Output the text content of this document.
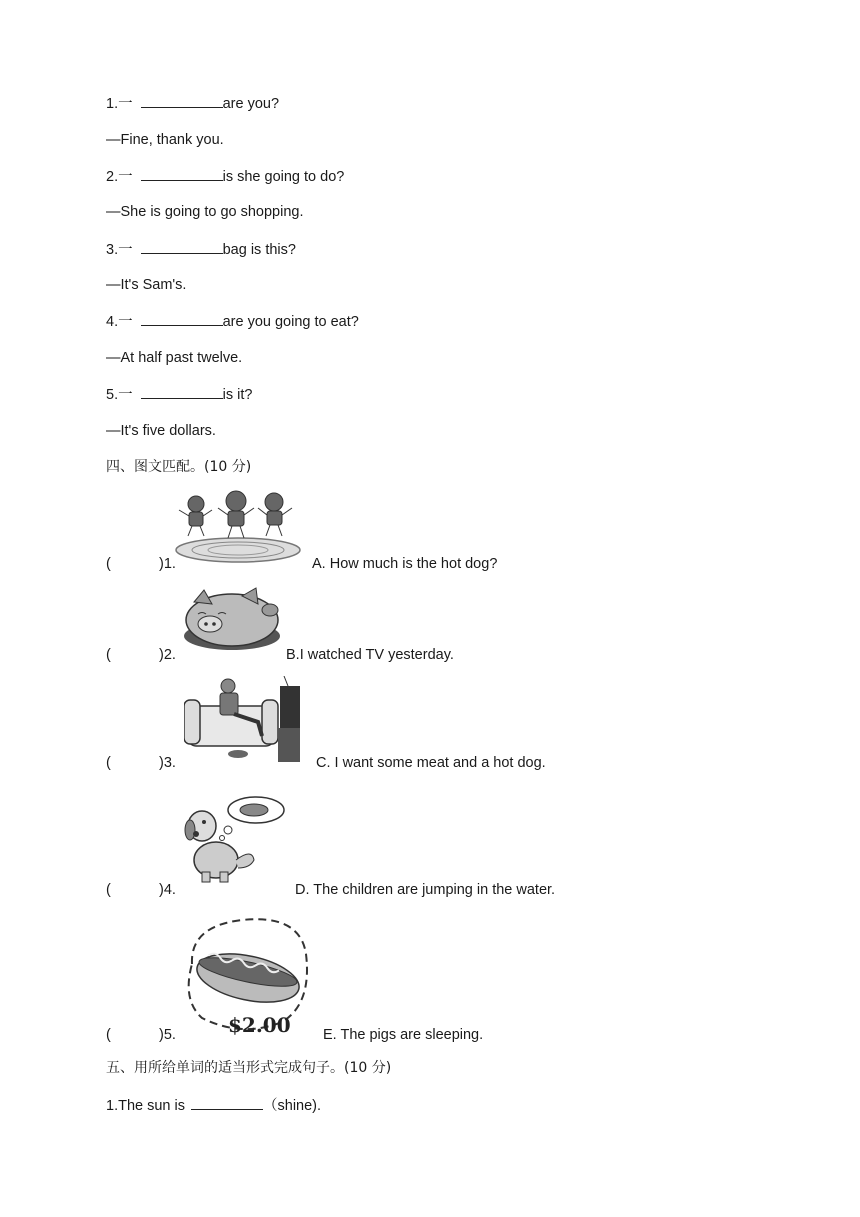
1.一	are you?
—Fine, thank you.
2.一	is she going to do?
—She is going to go shopping.
3.一	bag is this?
—It's Sam's.
4.一	are you going to eat?
—At half past twelve.
5.一	is it?
—It's five dollars.
四、图文匹配。(10 分)
(	)1.	A. How much is the hot dog?
(	)2.	B.I watched TV yesterday.
(	)3.	C. I want some meat and a hot dog.
(	)4.	D. The children are jumping in the water.
$2.00
(	)5.	E. The pigs are sleeping.
五、用所给单词的适当形式完成句子。(10 分)
1.The sun is	（shine).
